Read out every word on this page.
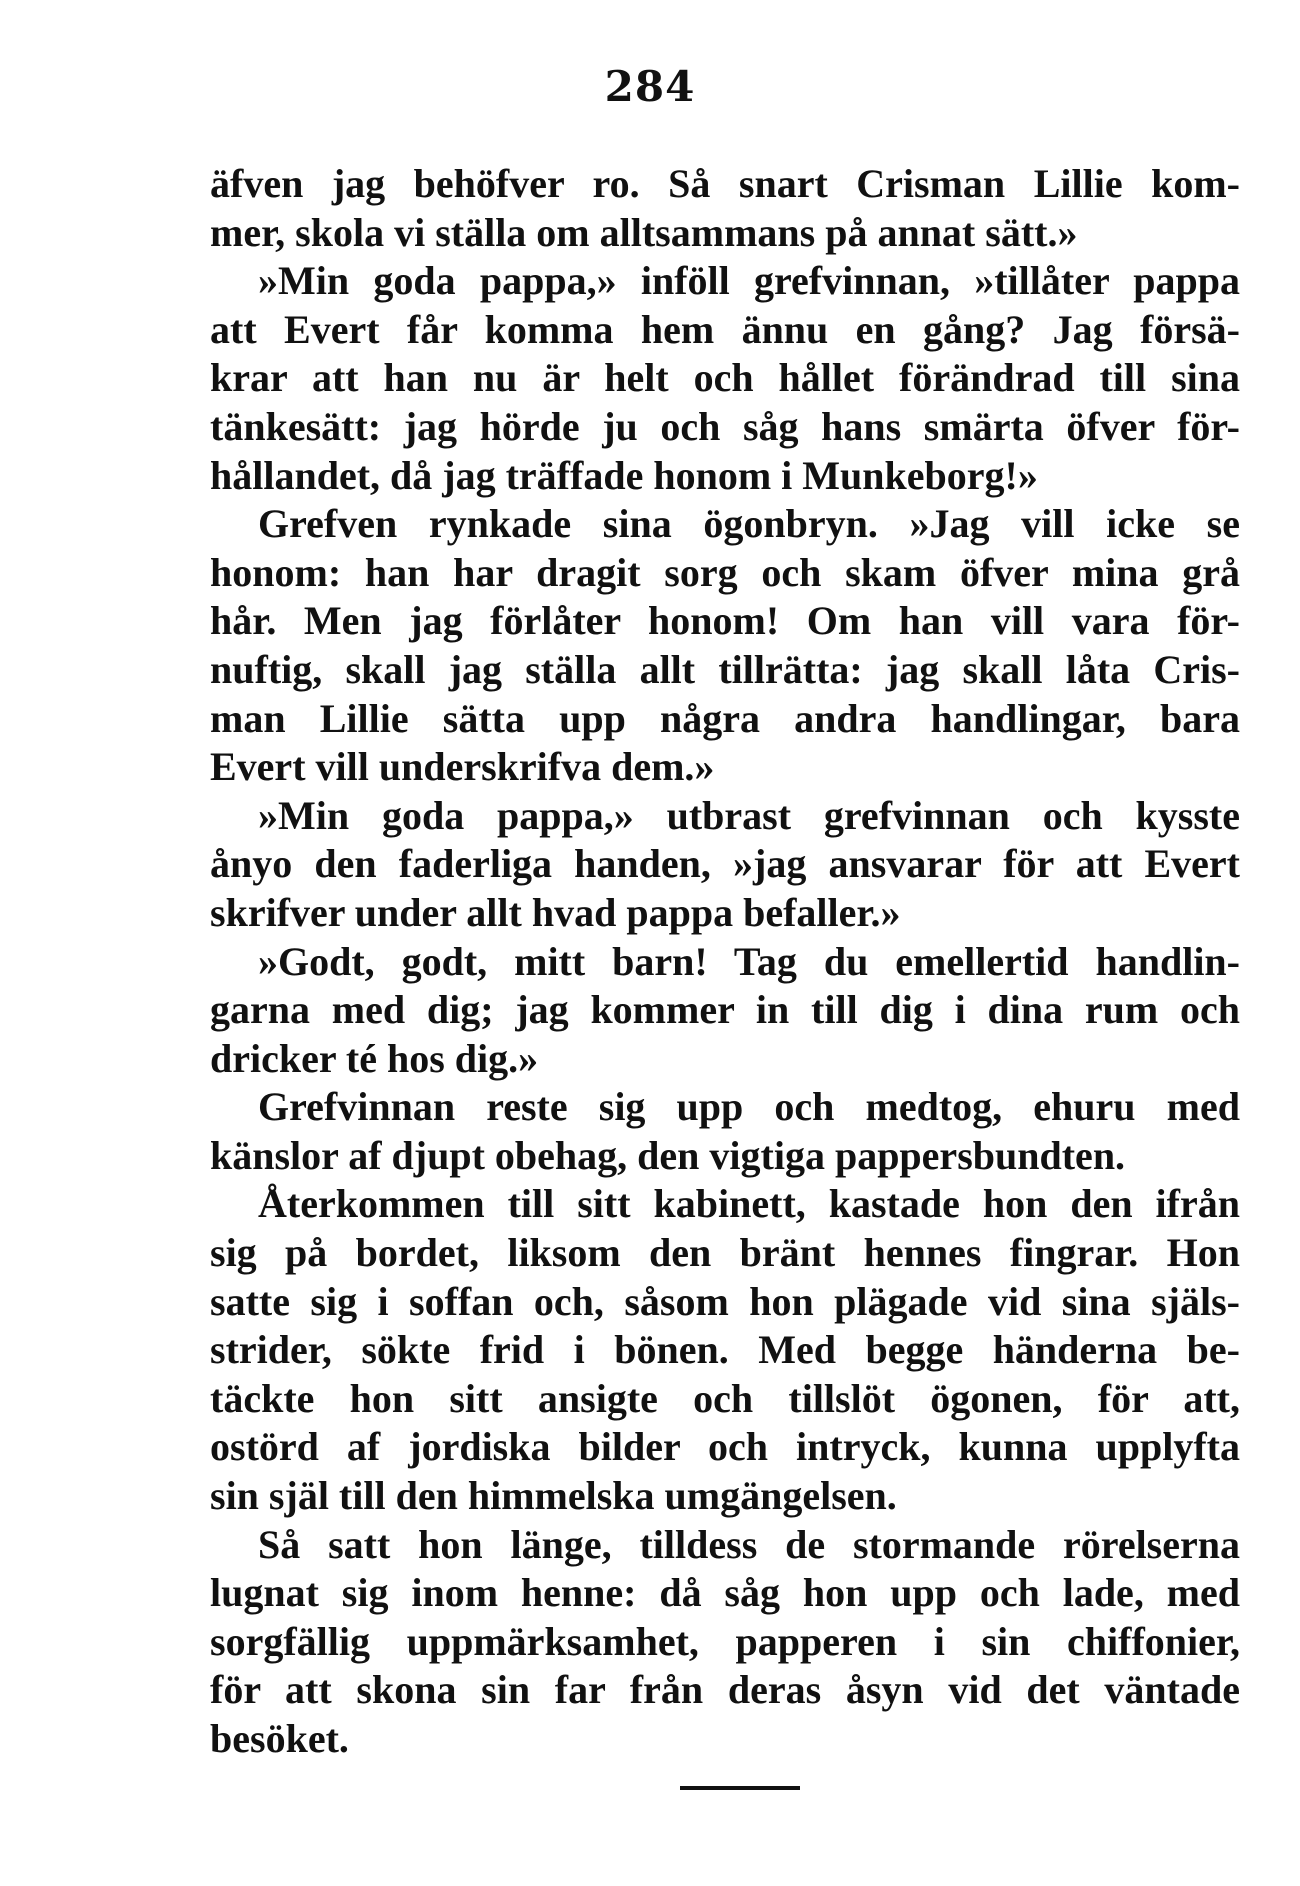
284
äfven jag behöfver ro. Så snart Crisman Lillie kom-
mer, skola vi ställa om alltsammans på annat sätt.»
»Min goda pappa,» inföll grefvinnan, »tillåter pappa
att Evert får komma hem ännu en gång? Jag försä-
krar att han nu är helt och hållet förändrad till sina
tänkesätt: jag hörde ju och såg hans smärta öfver för-
hållandet, då jag träffade honom i Munkeborg!»
Grefven rynkade sina ögonbryn. »Jag vill icke se
honom: han har dragit sorg och skam öfver mina grå
hår. Men jag förlåter honom! Om han vill vara för-
nuftig, skall jag ställa allt tillrätta: jag skall låta Cris-
man Lillie sätta upp några andra handlingar, bara
Evert vill underskrifva dem.»
»Min goda pappa,» utbrast grefvinnan och kysste
ånyo den faderliga handen, »jag ansvarar för att Evert
skrifver under allt hvad pappa befaller.»
»Godt, godt, mitt barn! Tag du emellertid handlin-
garna med dig; jag kommer in till dig i dina rum och
dricker té hos dig.»
Grefvinnan reste sig upp och medtog, ehuru med
känslor af djupt obehag, den vigtiga pappersbundten.
Återkommen till sitt kabinett, kastade hon den ifrån
sig på bordet, liksom den bränt hennes fingrar. Hon
satte sig i soffan och, såsom hon plägade vid sina själs-
strider, sökte frid i bönen. Med begge händerna be-
täckte hon sitt ansigte och tillslöt ögonen, för att,
ostörd af jordiska bilder och intryck, kunna upplyfta
sin själ till den himmelska umgängelsen.
Så satt hon länge, tilldess de stormande rörelserna
lugnat sig inom henne: då såg hon upp och lade, med
sorgfällig uppmärksamhet, papperen i sin chiffonier,
för att skona sin far från deras åsyn vid det väntade
besöket.
